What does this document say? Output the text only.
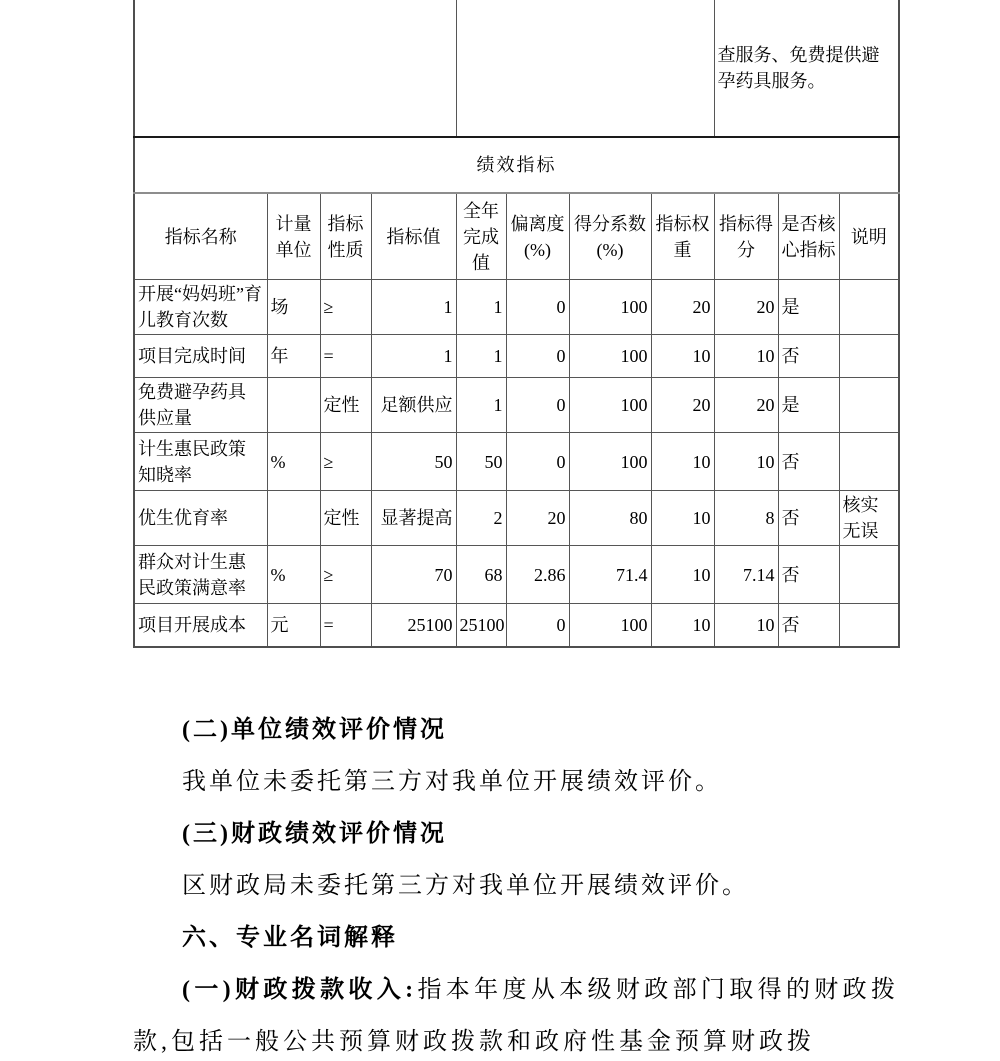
								查服务、免费提供避孕药具服务。		
绩效指标										
指标名称	计量单位	指标性质	指标值	全年完成值	偏离度(%)	得分系数(%)	指标权重	指标得分	是否核心指标	说明
开展“妈妈班”育儿教育次数	场	≥	1	1	0	100	20	20	是	
项目完成时间	年	=	1	1	0	100	10	10	否	
免费避孕药具供应量		定性	足额供应	1	0	100	20	20	是	
计生惠民政策知晓率	%	≥	50	50	0	100	10	10	否	
优生优育率		定性	显著提高	2	20	80	10	8	否	核实无误
群众对计生惠民政策满意率	%	≥	70	68	2.86	71.4	10	7.14	否	
项目开展成本	元	=	25100	25100	0	100	10	10	否	

(二)单位绩效评价情况

我单位未委托第三方对我单位开展绩效评价。

(三)财政绩效评价情况

区财政局未委托第三方对我单位开展绩效评价。

六、专业名词解释

(一)财政拨款收入:指本年度从本级财政部门取得的财政拨款,包括一般公共预算财政拨款和政府性基金预算财政拨
